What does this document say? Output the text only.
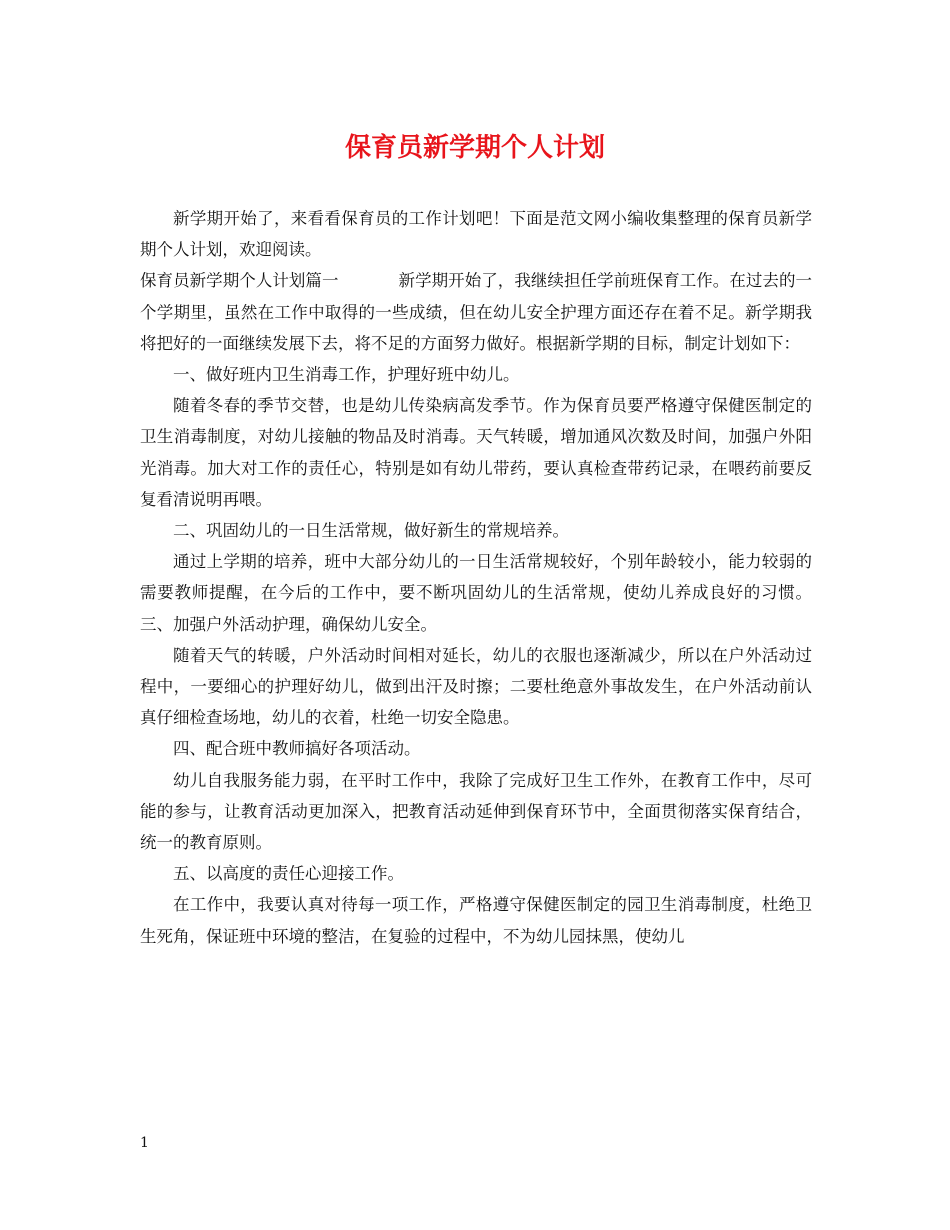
保育员新学期个人计划

新学期开始了，来看看保育员的工作计划吧！下面是范文网小编收集整理的保育员新学期个人计划，欢迎阅读。

保育员新学期个人计划篇一	新学期开始了，我继续担任学前班保育工作。在过去的一个学期里，虽然在工作中取得的一些成绩，但在幼儿安全护理方面还存在着不足。新学期我将把好的一面继续发展下去，将不足的方面努力做好。根据新学期的目标，制定计划如下：

一、做好班内卫生消毒工作，护理好班中幼儿。

随着冬春的季节交替，也是幼儿传染病高发季节。作为保育员要严格遵守保健医制定的卫生消毒制度，对幼儿接触的物品及时消毒。天气转暖，增加通风次数及时间，加强户外阳光消毒。加大对工作的责任心，特别是如有幼儿带药，要认真检查带药记录，在喂药前要反复看清说明再喂。

二、巩固幼儿的一日生活常规，做好新生的常规培养。

通过上学期的培养，班中大部分幼儿的一日生活常规较好，个别年龄较小，能力较弱的需要教师提醒，在今后的工作中，要不断巩固幼儿的生活常规，使幼儿养成良好的习惯。三、加强户外活动护理，确保幼儿安全。

随着天气的转暖，户外活动时间相对延长，幼儿的衣服也逐渐减少，所以在户外活动过程中，一要细心的护理好幼儿，做到出汗及时擦；二要杜绝意外事故发生，在户外活动前认真仔细检查场地，幼儿的衣着，杜绝一切安全隐患。

四、配合班中教师搞好各项活动。

幼儿自我服务能力弱，在平时工作中，我除了完成好卫生工作外，在教育工作中，尽可能的参与，让教育活动更加深入，把教育活动延伸到保育环节中，全面贯彻落实保育结合，统一的教育原则。

五、以高度的责任心迎接工作。

在工作中，我要认真对待每一项工作，严格遵守保健医制定的园卫生消毒制度，杜绝卫生死角，保证班中环境的整洁，在复验的过程中，不为幼儿园抹黑，使幼儿

1
